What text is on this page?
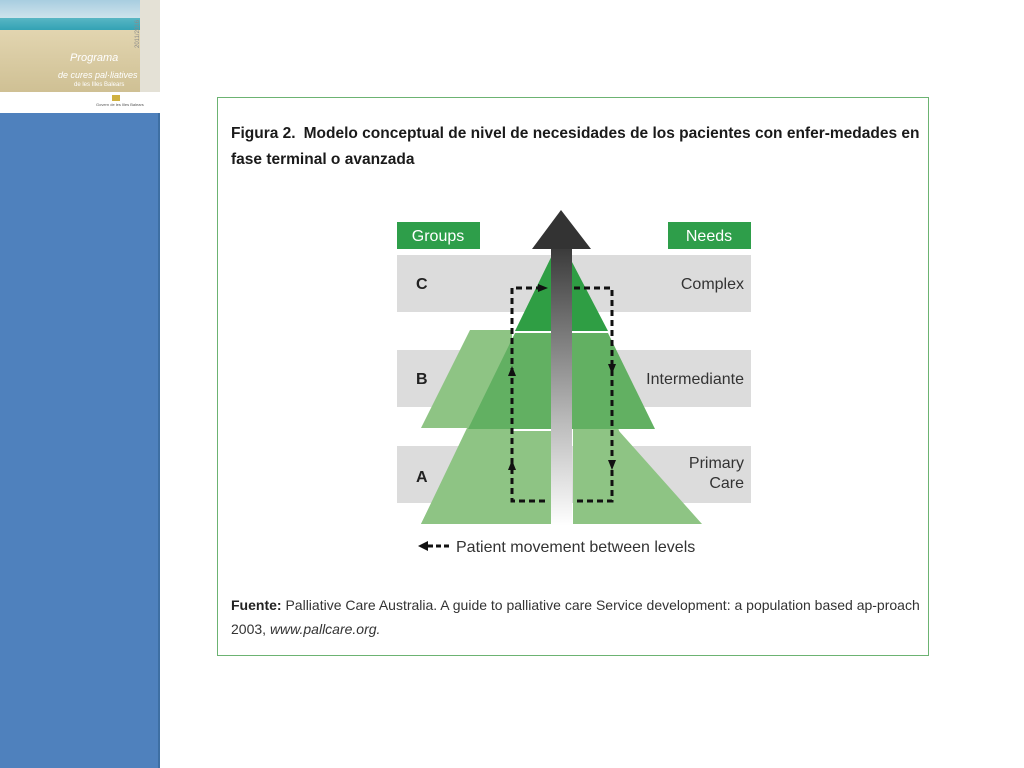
Programa
de cures pal·liatives
de les Illes Balears
2011/2016
Govern de les Illes Balears
Figura 2. Modelo conceptual de nivel de necesidades de los pacientes con enfer-medades en fase terminal o avanzada
Groups	Needs
C
B
A
Complex
Intermediante
Primary
Care
Patient movement between levels
Fuente: Palliative Care Australia. A guide to palliative care Service development: a population based ap-proach 2003, www.pallcare.org.
